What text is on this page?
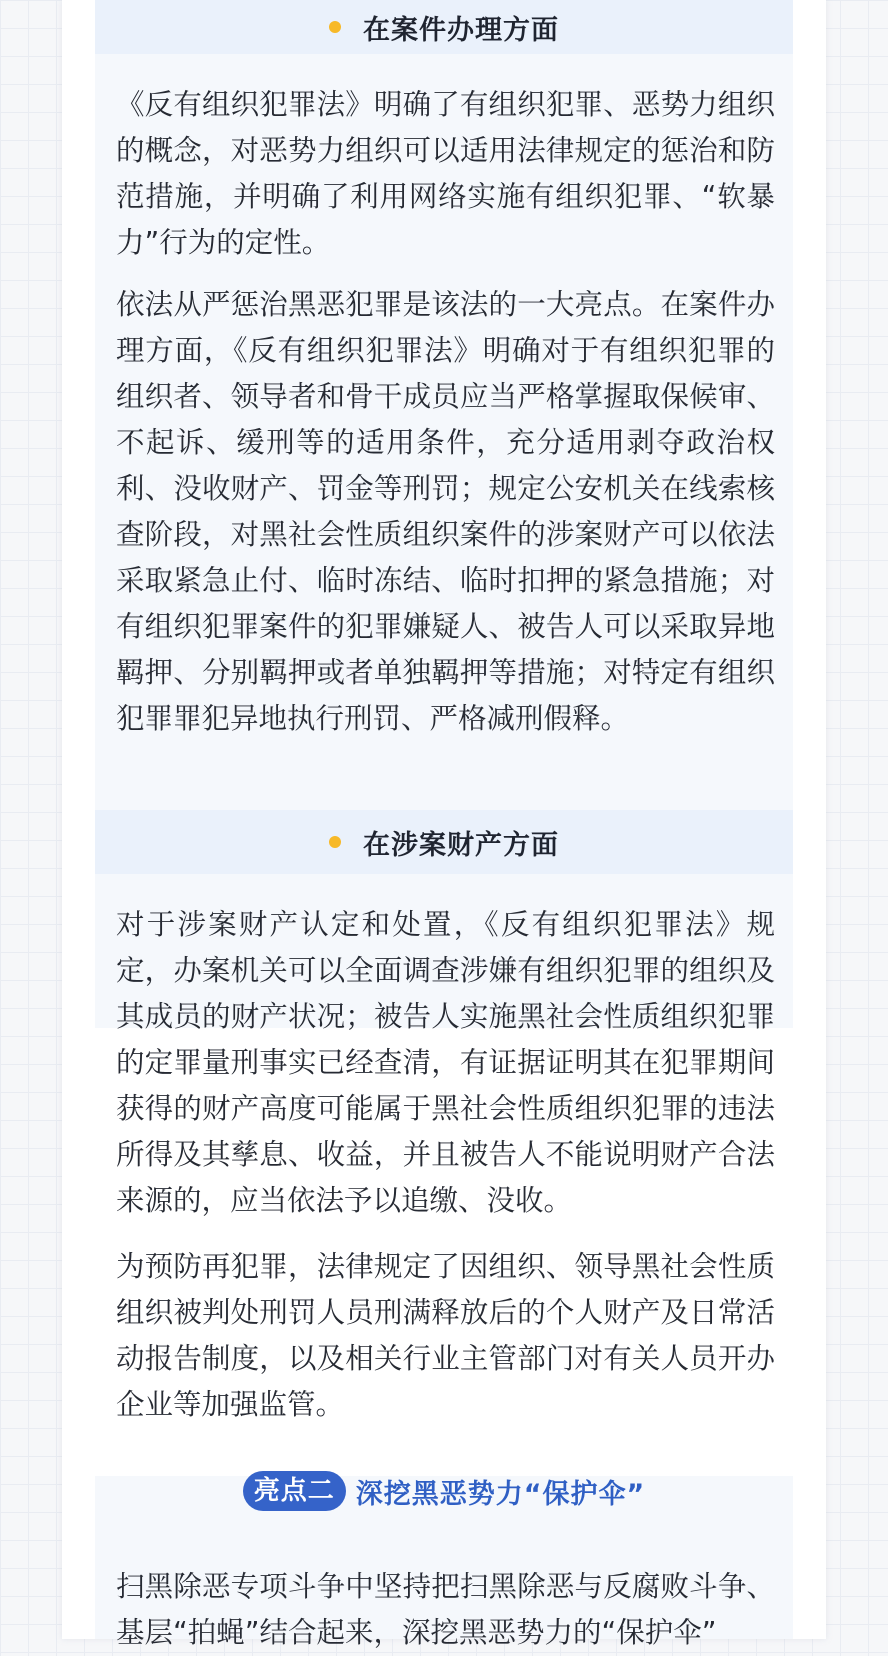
在案件办理方面

《反有组织犯罪法》明确了有组织犯罪、恶势力组织的概念，对恶势力组织可以适用法律规定的惩治和防范措施，并明确了利用网络实施有组织犯罪、“软暴力”行为的定性。

依法从严惩治黑恶犯罪是该法的一大亮点。在案件办理方面，《反有组织犯罪法》明确对于有组织犯罪的组织者、领导者和骨干成员应当严格掌握取保候审、不起诉、缓刑等的适用条件，充分适用剥夺政治权利、没收财产、罚金等刑罚；规定公安机关在线索核查阶段，对黑社会性质组织案件的涉案财产可以依法采取紧急止付、临时冻结、临时扣押的紧急措施；对有组织犯罪案件的犯罪嫌疑人、被告人可以采取异地羁押、分别羁押或者单独羁押等措施；对特定有组织犯罪罪犯异地执行刑罚、严格减刑假释。

在涉案财产方面

对于涉案财产认定和处置，《反有组织犯罪法》规定，办案机关可以全面调查涉嫌有组织犯罪的组织及其成员的财产状况；被告人实施黑社会性质组织犯罪的定罪量刑事实已经查清，有证据证明其在犯罪期间获得的财产高度可能属于黑社会性质组织犯罪的违法所得及其孳息、收益，并且被告人不能说明财产合法来源的，应当依法予以追缴、没收。

为预防再犯罪，法律规定了因组织、领导黑社会性质组织被判处刑罚人员刑满释放后的个人财产及日常活动报告制度，以及相关行业主管部门对有关人员开办企业等加强监管。

亮点二 深挖黑恶势力“保护伞”

扫黑除恶专项斗争中坚持把扫黑除恶与反腐败斗争、基层“拍蝇”结合起来，深挖黑恶势力的“保护伞”
